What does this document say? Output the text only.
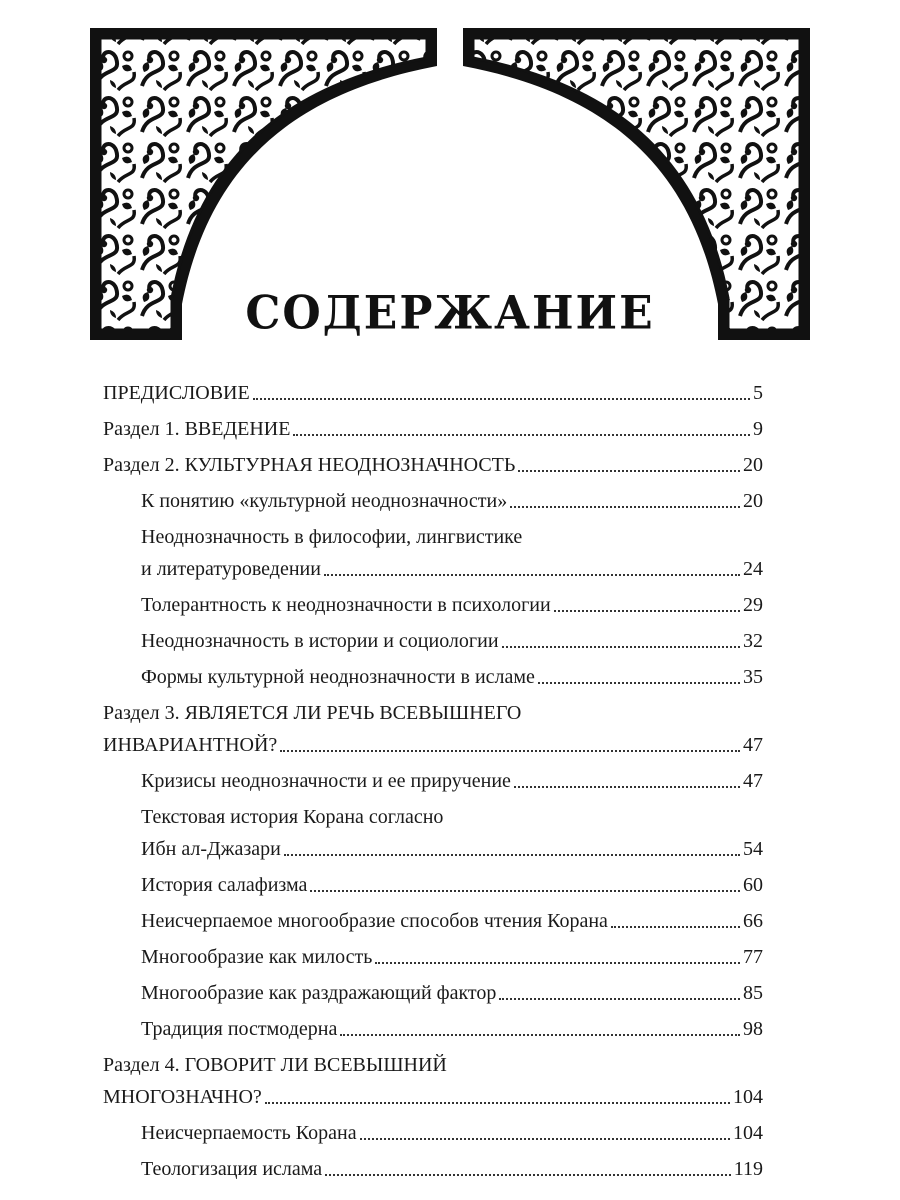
СОДЕРЖАНИЕ
ПРЕДИСЛОВИЕ	5
Раздел 1. ВВЕДЕНИЕ	9
Раздел 2. КУЛЬТУРНАЯ НЕОДНОЗНАЧНОСТЬ	20
К понятию «культурной неоднозначности»	20
Неоднозначность в философии, лингвистике
и литературоведении	24
Толерантность к неоднозначности в психологии	29
Неоднозначность в истории и социологии	32
Формы культурной неоднозначности в исламе	35
Раздел 3. ЯВЛЯЕТСЯ ЛИ РЕЧЬ ВСЕВЫШНЕГО
ИНВАРИАНТНОЙ?	47
Кризисы неоднозначности и ее приручение	47
Текстовая история Корана согласно
Ибн ал-Джазари	54
История салафизма	60
Неисчерпаемое многообразие способов чтения Корана	66
Многообразие как милость	77
Многообразие как раздражающий фактор	85
Традиция постмодерна	98
Раздел 4. ГОВОРИТ ЛИ ВСЕВЫШНИЙ
МНОГОЗНАЧНО?	104
Неисчерпаемость Корана	104
Теологизация ислама	119
